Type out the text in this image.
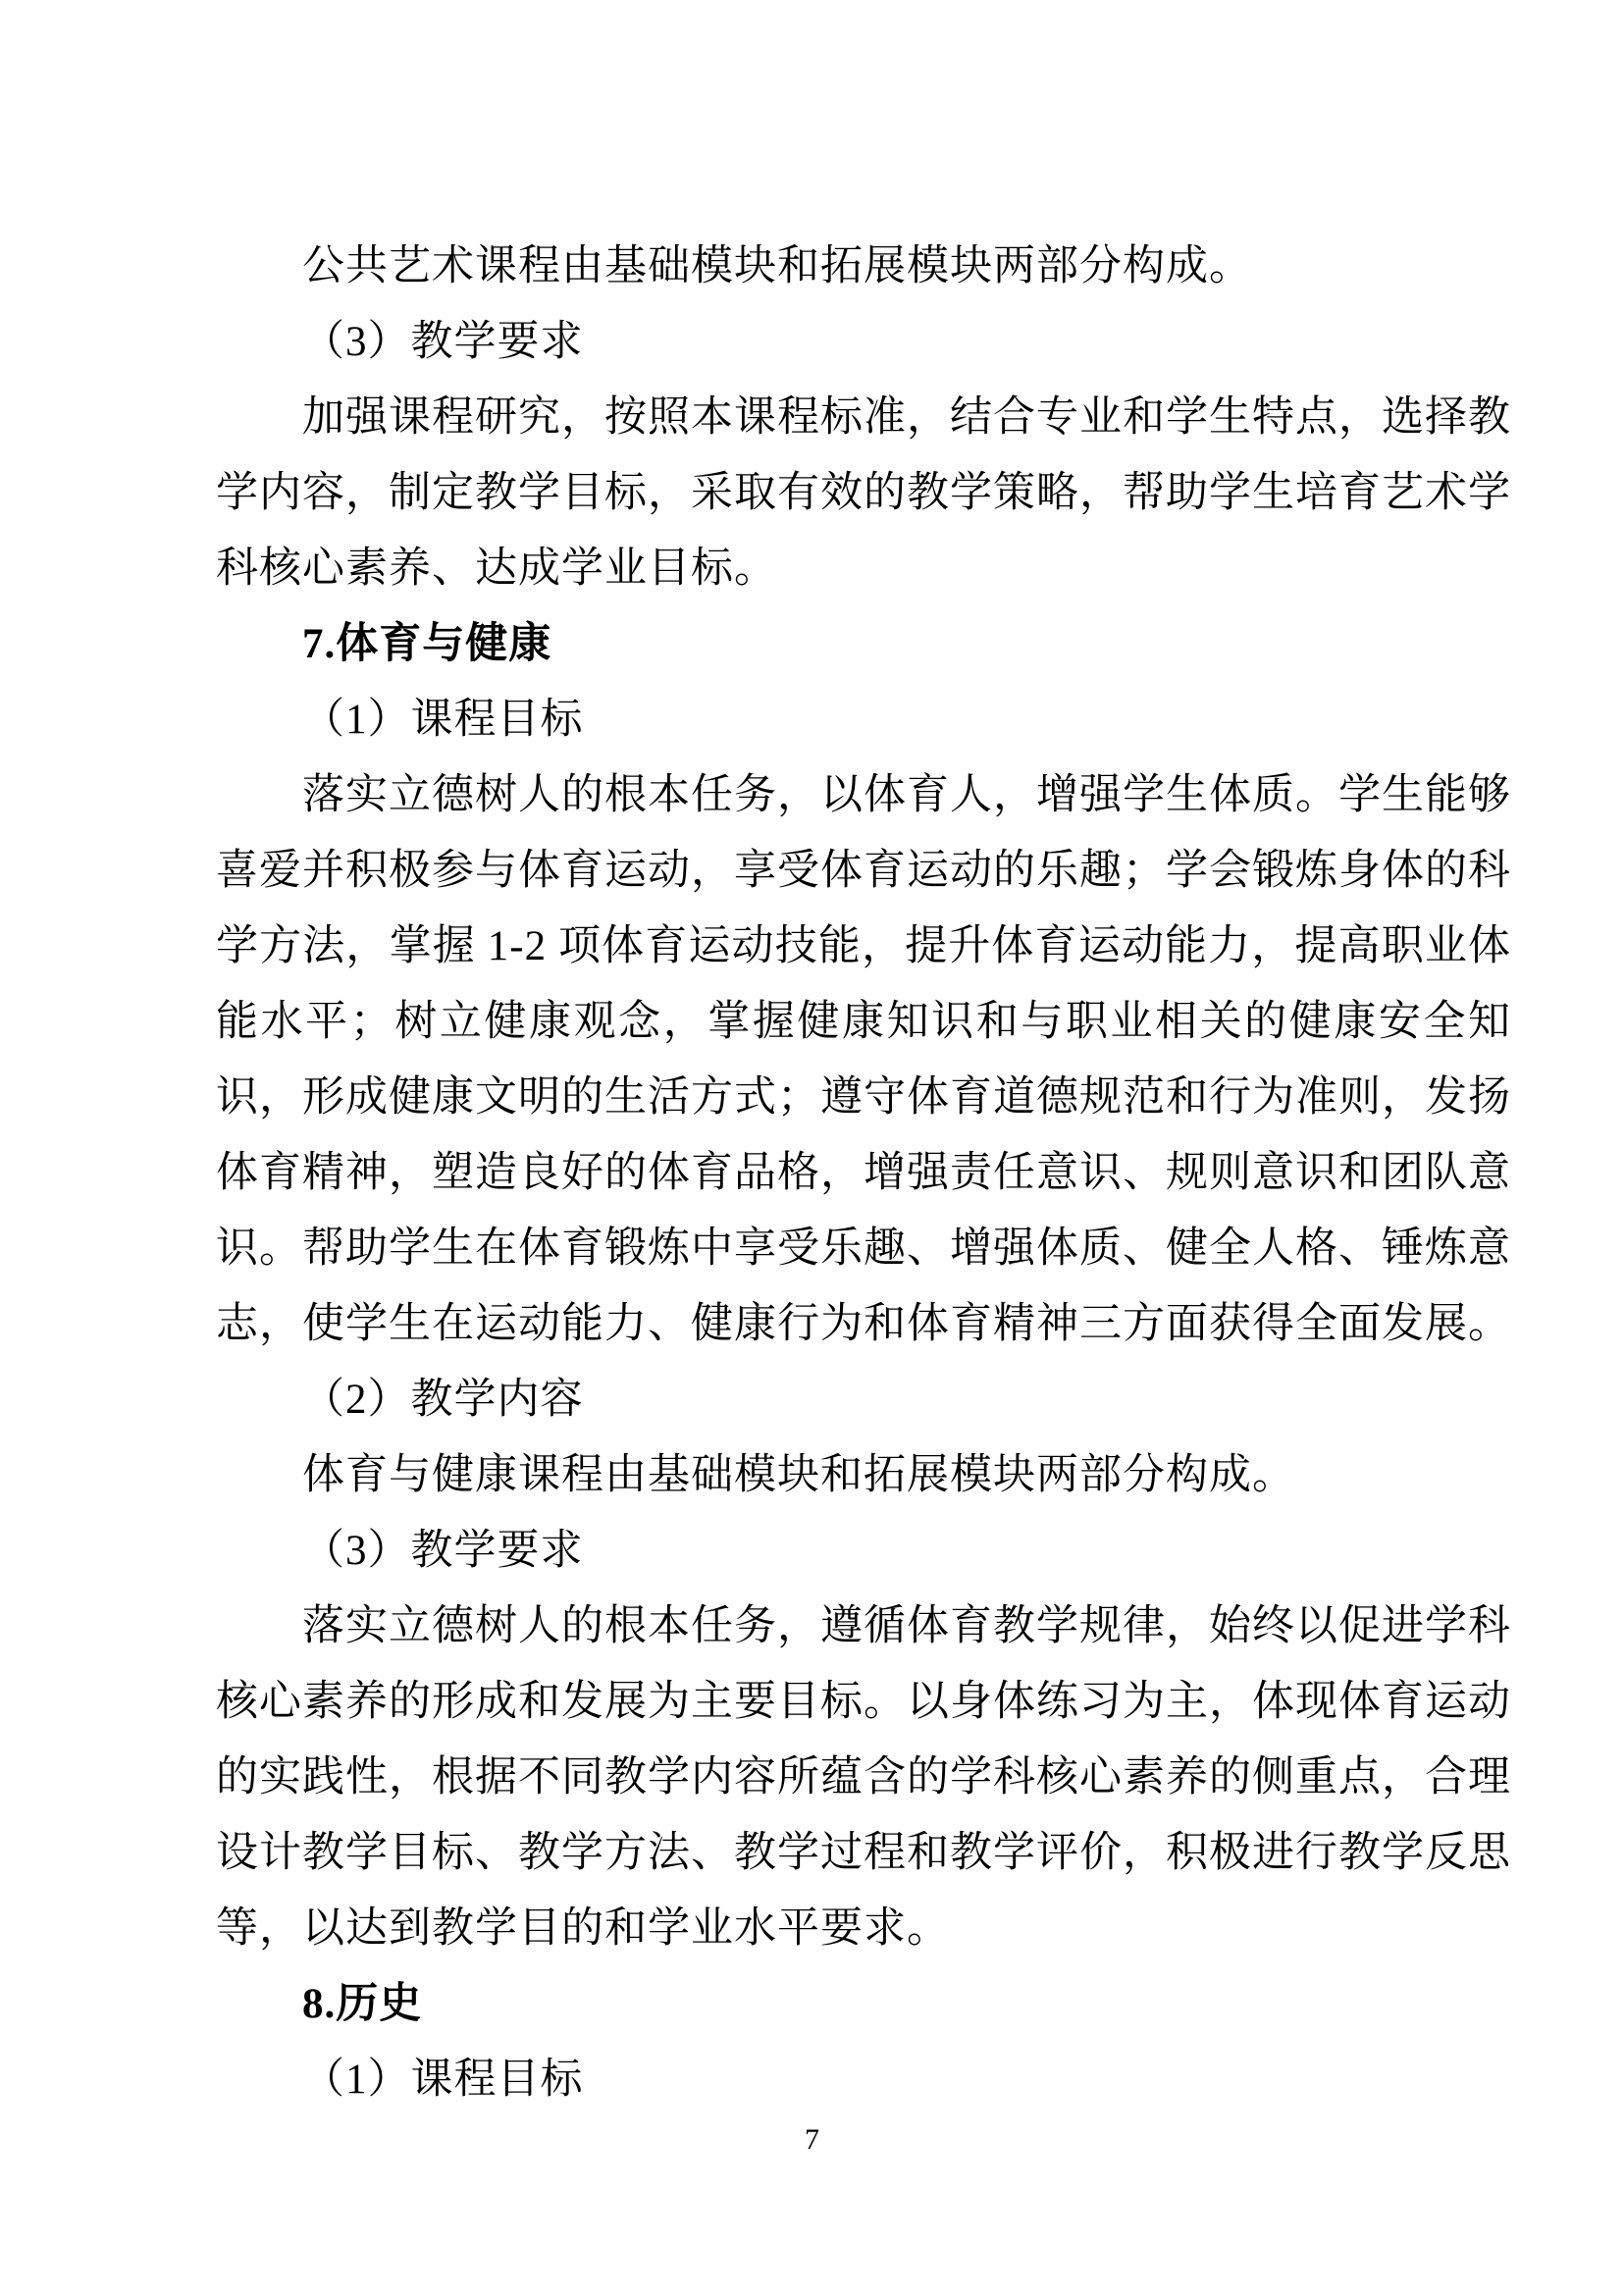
公共艺术课程由基础模块和拓展模块两部分构成。

（3）教学要求

加强课程研究，按照本课程标准，结合专业和学生特点，选择教学内容，制定教学目标，采取有效的教学策略，帮助学生培育艺术学科核心素养、达成学业目标。

7.体育与健康

（1）课程目标

落实立德树人的根本任务，以体育人，增强学生体质。学生能够喜爱并积极参与体育运动，享受体育运动的乐趣；学会锻炼身体的科学方法，掌握 1-2 项体育运动技能，提升体育运动能力，提高职业体能水平；树立健康观念，掌握健康知识和与职业相关的健康安全知识，形成健康文明的生活方式；遵守体育道德规范和行为准则，发扬体育精神，塑造良好的体育品格，增强责任意识、规则意识和团队意识。帮助学生在体育锻炼中享受乐趣、增强体质、健全人格、锤炼意志，使学生在运动能力、健康行为和体育精神三方面获得全面发展。

（2）教学内容

体育与健康课程由基础模块和拓展模块两部分构成。

（3）教学要求

落实立德树人的根本任务，遵循体育教学规律，始终以促进学科核心素养的形成和发展为主要目标。以身体练习为主，体现体育运动的实践性，根据不同教学内容所蕴含的学科核心素养的侧重点，合理设计教学目标、教学方法、教学过程和教学评价，积极进行教学反思等，以达到教学目的和学业水平要求。

8.历史

（1）课程目标

7
